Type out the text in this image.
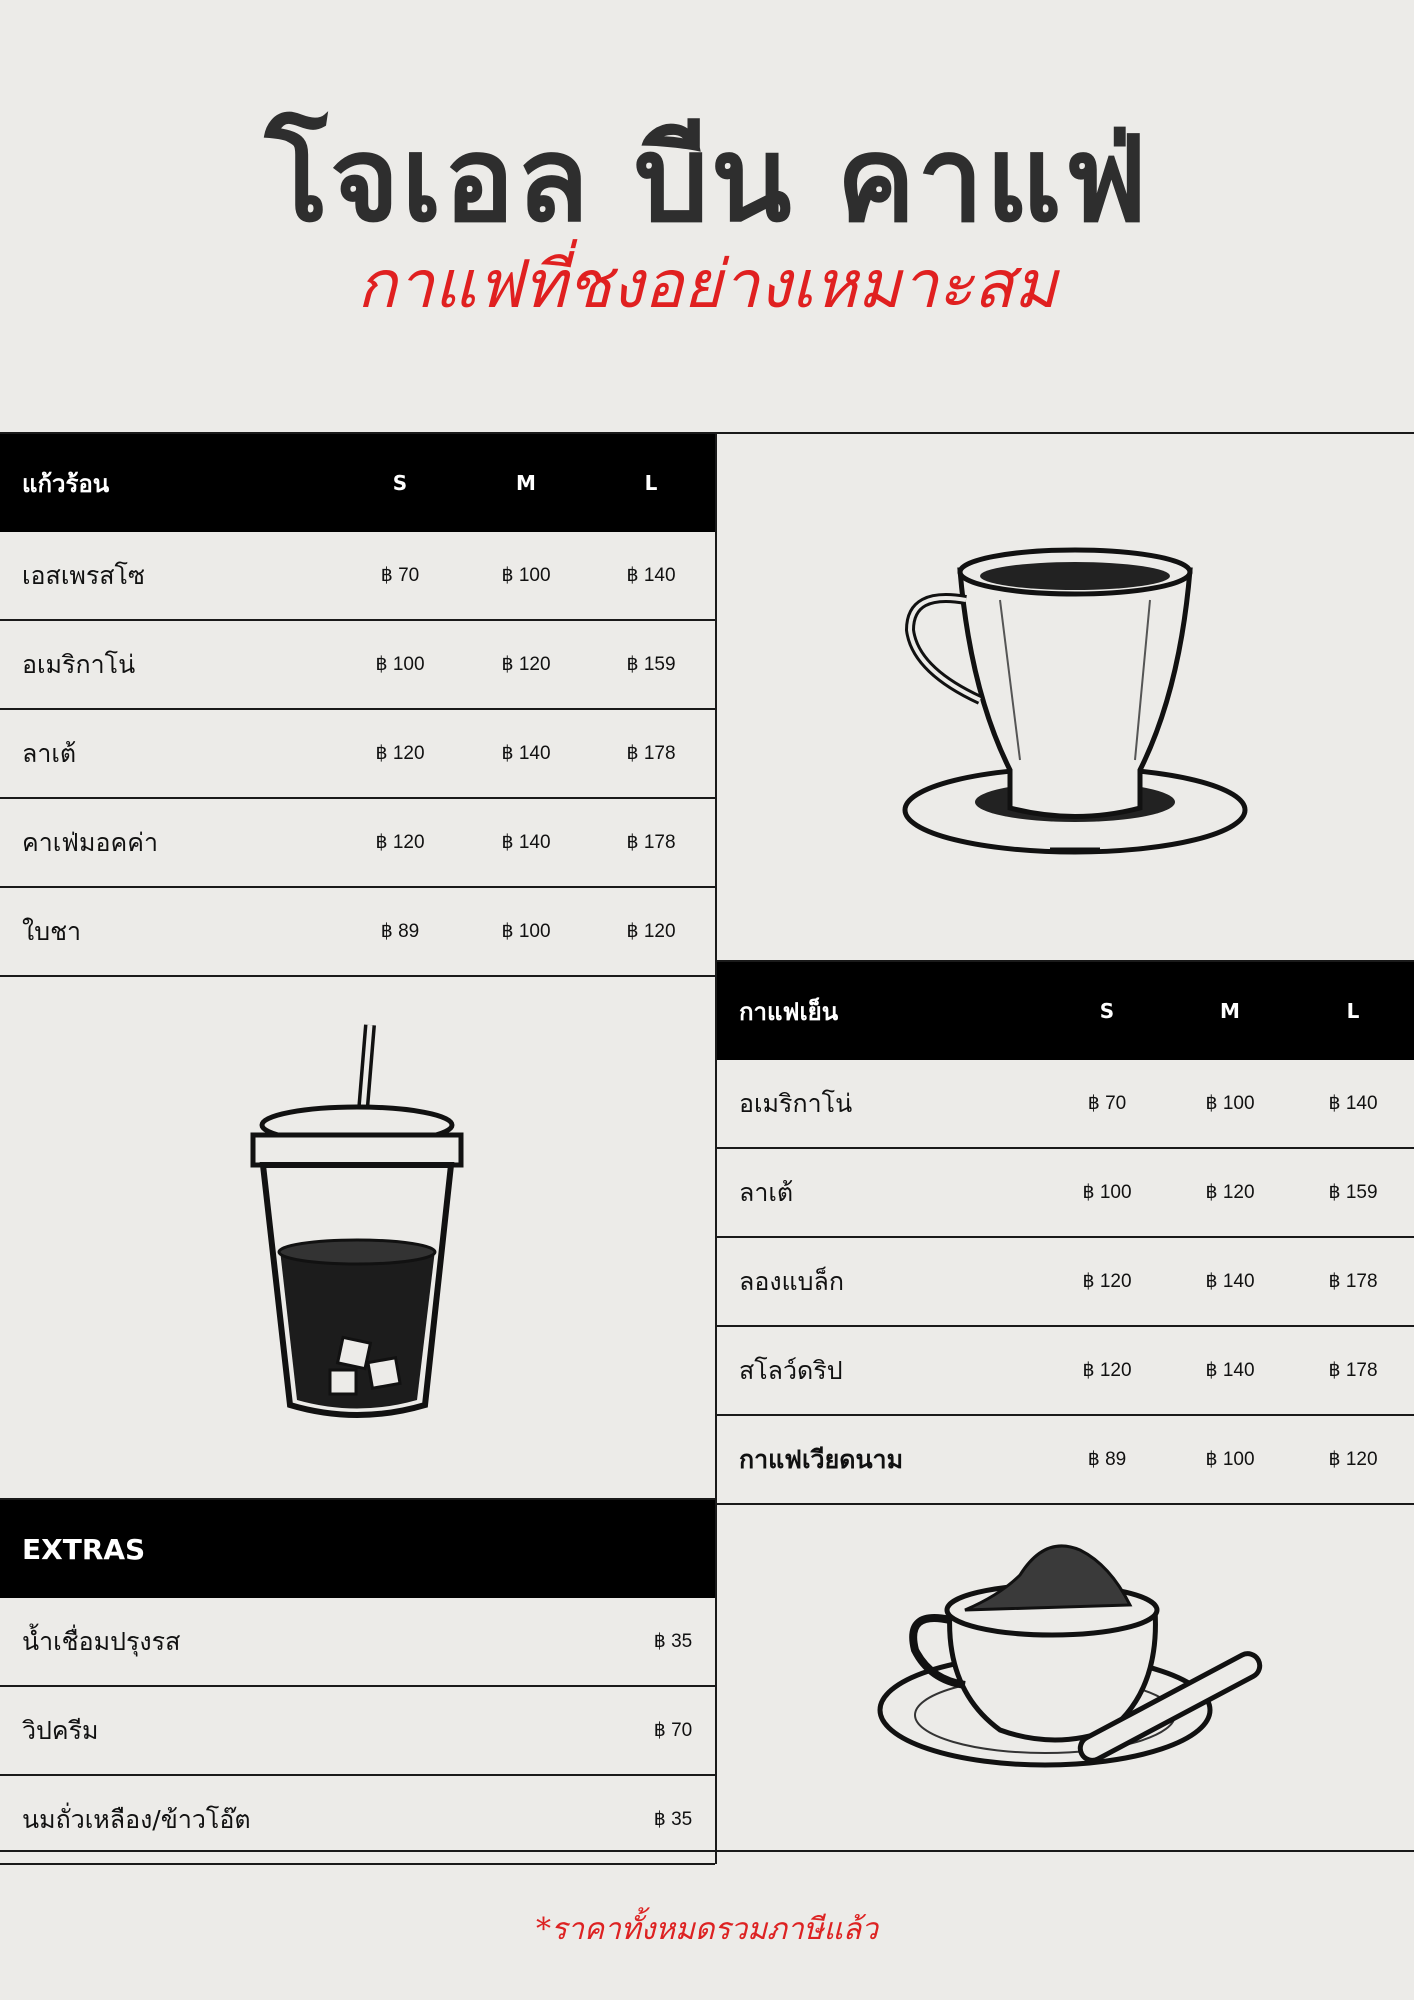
โจเอล บีน คาแฟ่
กาแฟที่ชงอย่างเหมาะสม
แก้วร้อน	S	M	L
เอสเพรสโซ	฿ 70	฿ 100	฿ 140
อเมริกาโน่	฿ 100	฿ 120	฿ 159
ลาเต้	฿ 120	฿ 140	฿ 178
คาเฟ่มอคค่า	฿ 120	฿ 140	฿ 178
ใบชา	฿ 89	฿ 100	฿ 120
กาแฟเย็น	S	M	L
อเมริกาโน่	฿ 70	฿ 100	฿ 140
ลาเต้	฿ 100	฿ 120	฿ 159
ลองแบล็ก	฿ 120	฿ 140	฿ 178
สโลว์ดริป	฿ 120	฿ 140	฿ 178
กาแฟเวียดนาม	฿ 89	฿ 100	฿ 120
EXTRAS
น้ำเชื่อมปรุงรส	฿ 35
วิปครีม	฿ 70
นมถั่วเหลือง/ข้าวโอ๊ต	฿ 35
*ราคาทั้งหมดรวมภาษีแล้ว
